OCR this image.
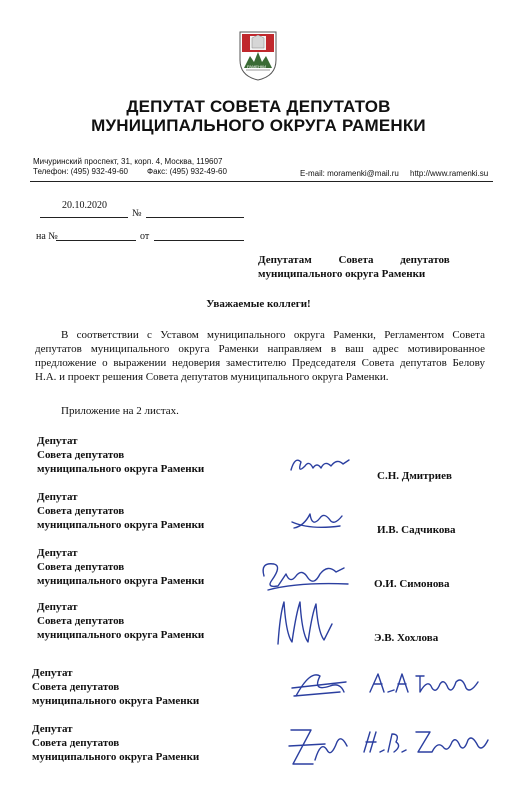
РАМЕНКИ
ДЕПУТАТ СОВЕТА ДЕПУТАТОВ
МУНИЦИПАЛЬНОГО ОКРУГА РАМЕНКИ
Мичуринский проспект, 31, корп. 4, Москва, 119607
Телефон: (495) 932-49-60 Факс: (495) 932-49-60	E-mail: moramenki@mail.ru http://www.ramenki.su
20.10.2020
№
на №	от
Депутатам Совета депутатов
муниципального округа Раменки
Уважаемые коллеги!
В соответствии с Уставом муниципального округа Раменки, Регламентом Совета депутатов муниципального округа Раменки направляем в ваш адрес мотивированное предложение о выражении недоверия заместителю Председателя Совета депутатов Белову Н.А. и проект решения Совета депутатов муниципального округа Раменки.
Приложение на 2 листах.
Депутат
Совета депутатов
муниципального округа Раменки
С.Н. Дмитриев
Депутат
Совета депутатов
муниципального округа Раменки	И.В. Садчикова
Депутат
Совета депутатов
муниципального округа Раменки	О.И. Симонова
Депутат
Совета депутатов
муниципального округа Раменки	Э.В. Хохлова
Депутат
Совета депутатов
муниципального округа Раменки
Депутат
Совета депутатов
муниципального округа Раменки
